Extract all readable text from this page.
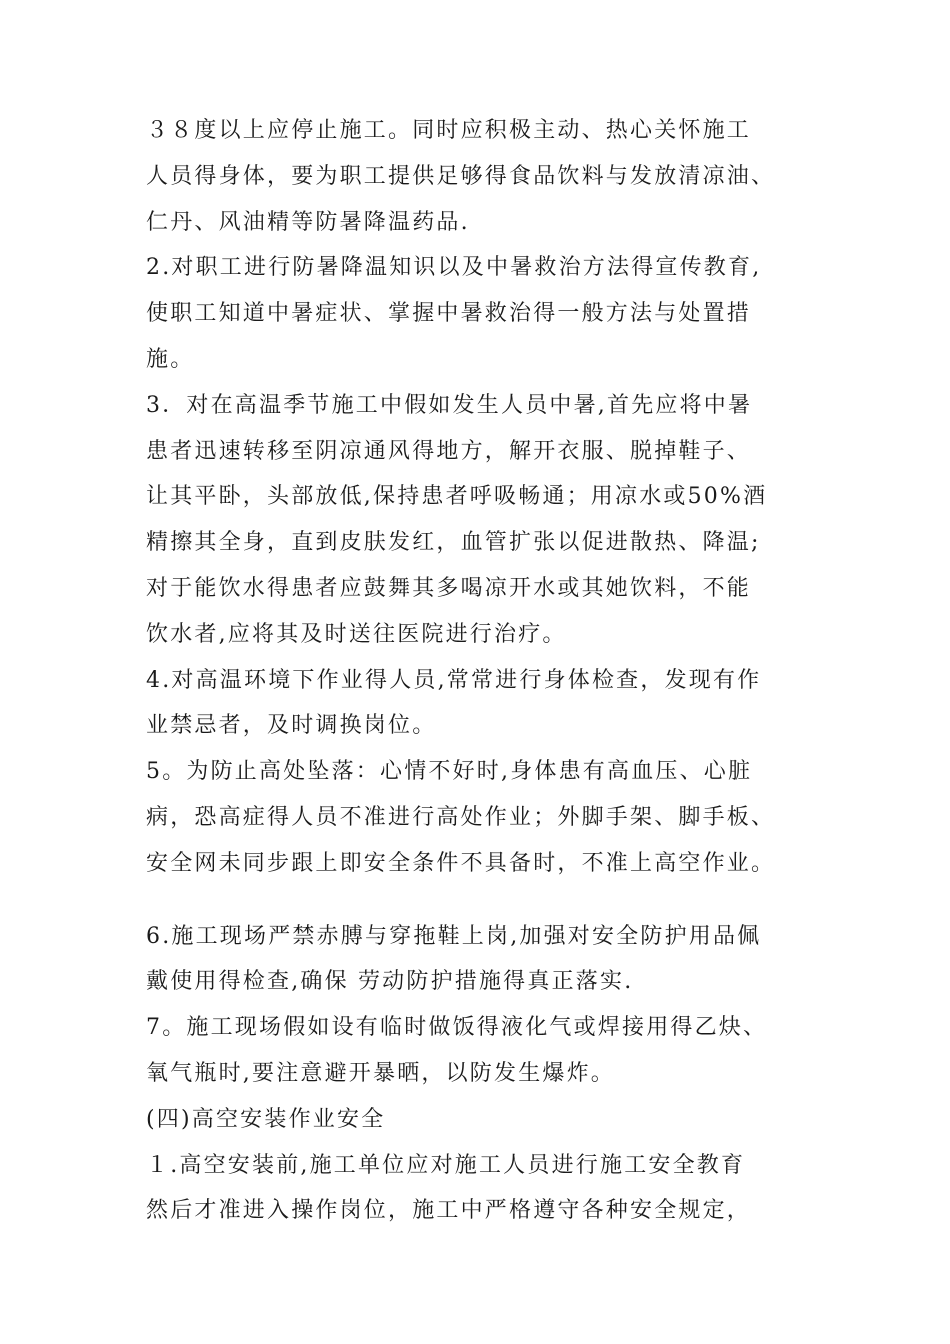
３８度以上应停止施工。同时应积极主动、热心关怀施工
人员得身体，要为职工提供足够得食品饮料与发放清凉油、
仁丹、风油精等防暑降温药品.
2.对职工进行防暑降温知识以及中暑救治方法得宣传教育,
使职工知道中暑症状、掌握中暑救治得一般方法与处置措
施。
3．对在高温季节施工中假如发生人员中暑,首先应将中暑
患者迅速转移至阴凉通风得地方，解开衣服、脱掉鞋子、
让其平卧，头部放低,保持患者呼吸畅通；用凉水或50%酒
精擦其全身，直到皮肤发红，血管扩张以促进散热、降温;
对于能饮水得患者应鼓舞其多喝凉开水或其她饮料，不能
饮水者,应将其及时送往医院进行治疗。
4.对高温环境下作业得人员,常常进行身体检查，发现有作
业禁忌者，及时调换岗位。
5。为防止高处坠落：心情不好时,身体患有高血压、心脏
病，恐高症得人员不准进行高处作业；外脚手架、脚手板、
安全网未同步跟上即安全条件不具备时，不准上高空作业。
6.施工现场严禁赤膊与穿拖鞋上岗,加强对安全防护用品佩
戴使用得检查,确保 劳动防护措施得真正落实.
7。施工现场假如设有临时做饭得液化气或焊接用得乙炔、
氧气瓶时,要注意避开暴晒，以防发生爆炸。
(四)高空安装作业安全
１.高空安装前,施工单位应对施工人员进行施工安全教育
然后才准进入操作岗位，施工中严格遵守各种安全规定，
